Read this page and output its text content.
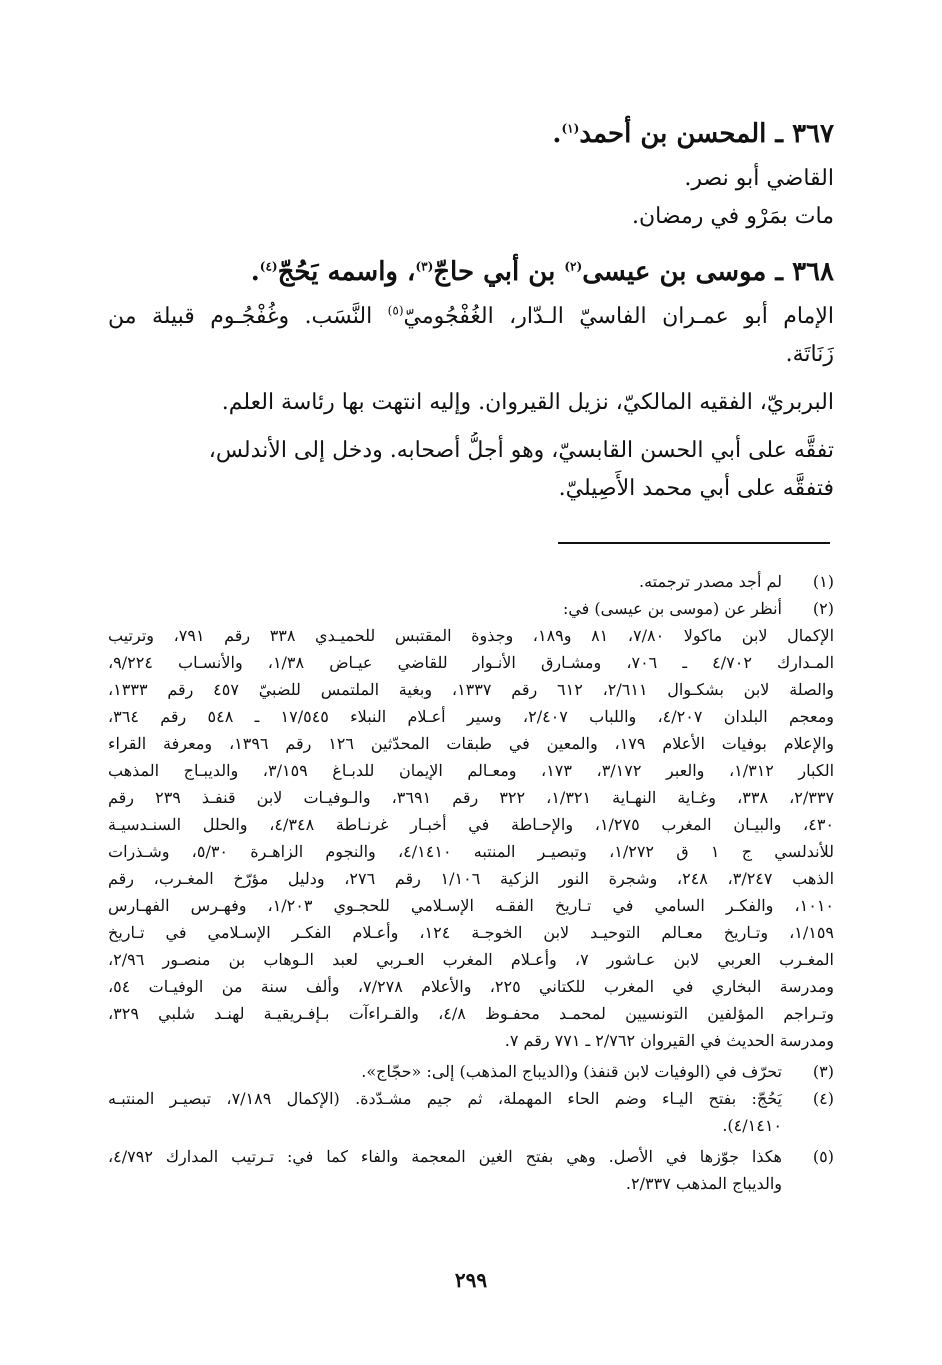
٣٦٧ ـ المحسن بن أحمد$^{(١)}$.
القاضي أبو نصر.
مات بمَرْو في رمضان.
٣٦٨ ـ موسى بن عيسى$^{(٢)}$ بن أبي حاجّ$^{(٣)}$، واسمه يَحُجّ$^{(٤)}$.
الإمام أبو عمـران الفاسيّ الـدّار، الغُفْجُوميّ$^{(٥)}$ النَّسَب. وغُفْجُـوم قبيلة من
زَنَاتَة.
البربريّ، الفقيه المالكيّ، نزيل القيروان. وإليه انتهت بها رئاسة العلم.
تفقَّه على أبي الحسن القابسيّ، وهو أجلُّ أصحابه. ودخل إلى الأندلس،
فتفقَّه على أبي محمد الأَصِيليّ.
(١)
لم أجد مصدر ترجمته.
(٢)
أنظر عن (موسى بن عيسى) في:
الإكمال لابن ماكولا ٧/٨٠، ٨١ و١٨٩، وجذوة المقتبس للحميـدي ٣٣٨ رقم ٧٩١، وترتيب
المـدارك ٤/٧٠٢ ـ ٧٠٦، ومشـارق الأنـوار للقاضي عيـاض ١/٣٨، والأنسـاب ٩/٢٢٤،
والصلة لابن بشكـوال ٢/٦١١، ٦١٢ رقم ١٣٣٧، وبغية الملتمس للضبيّ ٤٥٧ رقم ١٣٣٣،
ومعجم البلدان ٤/٢٠٧، واللباب ٢/٤٠٧، وسير أعـلام النبلاء ١٧/٥٤٥ ـ ٥٤٨ رقم ٣٦٤،
والإعلام بوفيات الأعلام ١٧٩، والمعين في طبقات المحدّثين ١٢٦ رقم ١٣٩٦، ومعرفة القراء
الكبار ١/٣١٢، والعبر ٣/١٧٢، ١٧٣، ومعـالم الإيمان للدبـاغ ٣/١٥٩، والديبـاج المذهب
٢/٣٣٧، ٣٣٨، وغـاية النهـاية ١/٣٢١، ٣٢٢ رقم ٣٦٩١، والـوفيـات لابن قنفـذ ٢٣٩ رقم
٤٣٠، والبيـان المغرب ١/٢٧٥، والإحـاطة في أخبـار غرنـاطة ٤/٣٤٨، والحلل السنـدسيـة
للأندلسي ج ١ ق ١/٢٧٢، وتبصيـر المنتبه ٤/١٤١٠، والنجوم الزاهـرة ٥/٣٠، وشـذرات
الذهب ٣/٢٤٧، ٢٤٨، وشجرة النور الزكية ١/١٠٦ رقم ٢٧٦، ودليل مؤرّخ المغـرب، رقم
١٠١٠، والفكـر السامي في تـاريخ الفقـه الإسـلامي للحجـوي ١/٢٠٣، وفهـرس الفهـارس
١/١٥٩، وتـاريخ معـالم التوحيـد لابن الخوجـة ١٢٤، وأعـلام الفكـر الإسـلامي في تـاريخ
المغـرب العربي لابن عـاشور ٧، وأعـلام المغرب العـربي لعبد الـوهاب بن منصـور ٢/٩٦،
ومدرسة البخاري في المغرب للكتاني ٢٢٥، والأعلام ٧/٢٧٨، وألف سنة من الوفيـات ٥٤،
وتـراجم المؤلفين التونسيين لمحمـد محفـوظ ٤/٨، والقـراءآت بـإفـريقيـة لهنـد شلبي ٣٢٩،
ومدرسة الحديث في القيروان ٢/٧٦٢ ـ ٧٧١ رقم ٧.
(٣)
تحرّف في (الوفيات لابن قنفذ) و(الديباج المذهب) إلى: «حجّاج».
(٤)
يَحُجّ: بفتح اليـاء وضم الحاء المهملة، ثم جيم مشـدّدة. (الإكمال ٧/١٨٩، تبصيـر المنتبـه
٤/١٤١٠).
(٥)
هكذا جوّزها في الأصل. وهي بفتح الغين المعجمة والفاء كما في: تـرتيب المدارك ٤/٧٩٢،
والديباج المذهب ٢/٣٣٧.
٢٩٩
